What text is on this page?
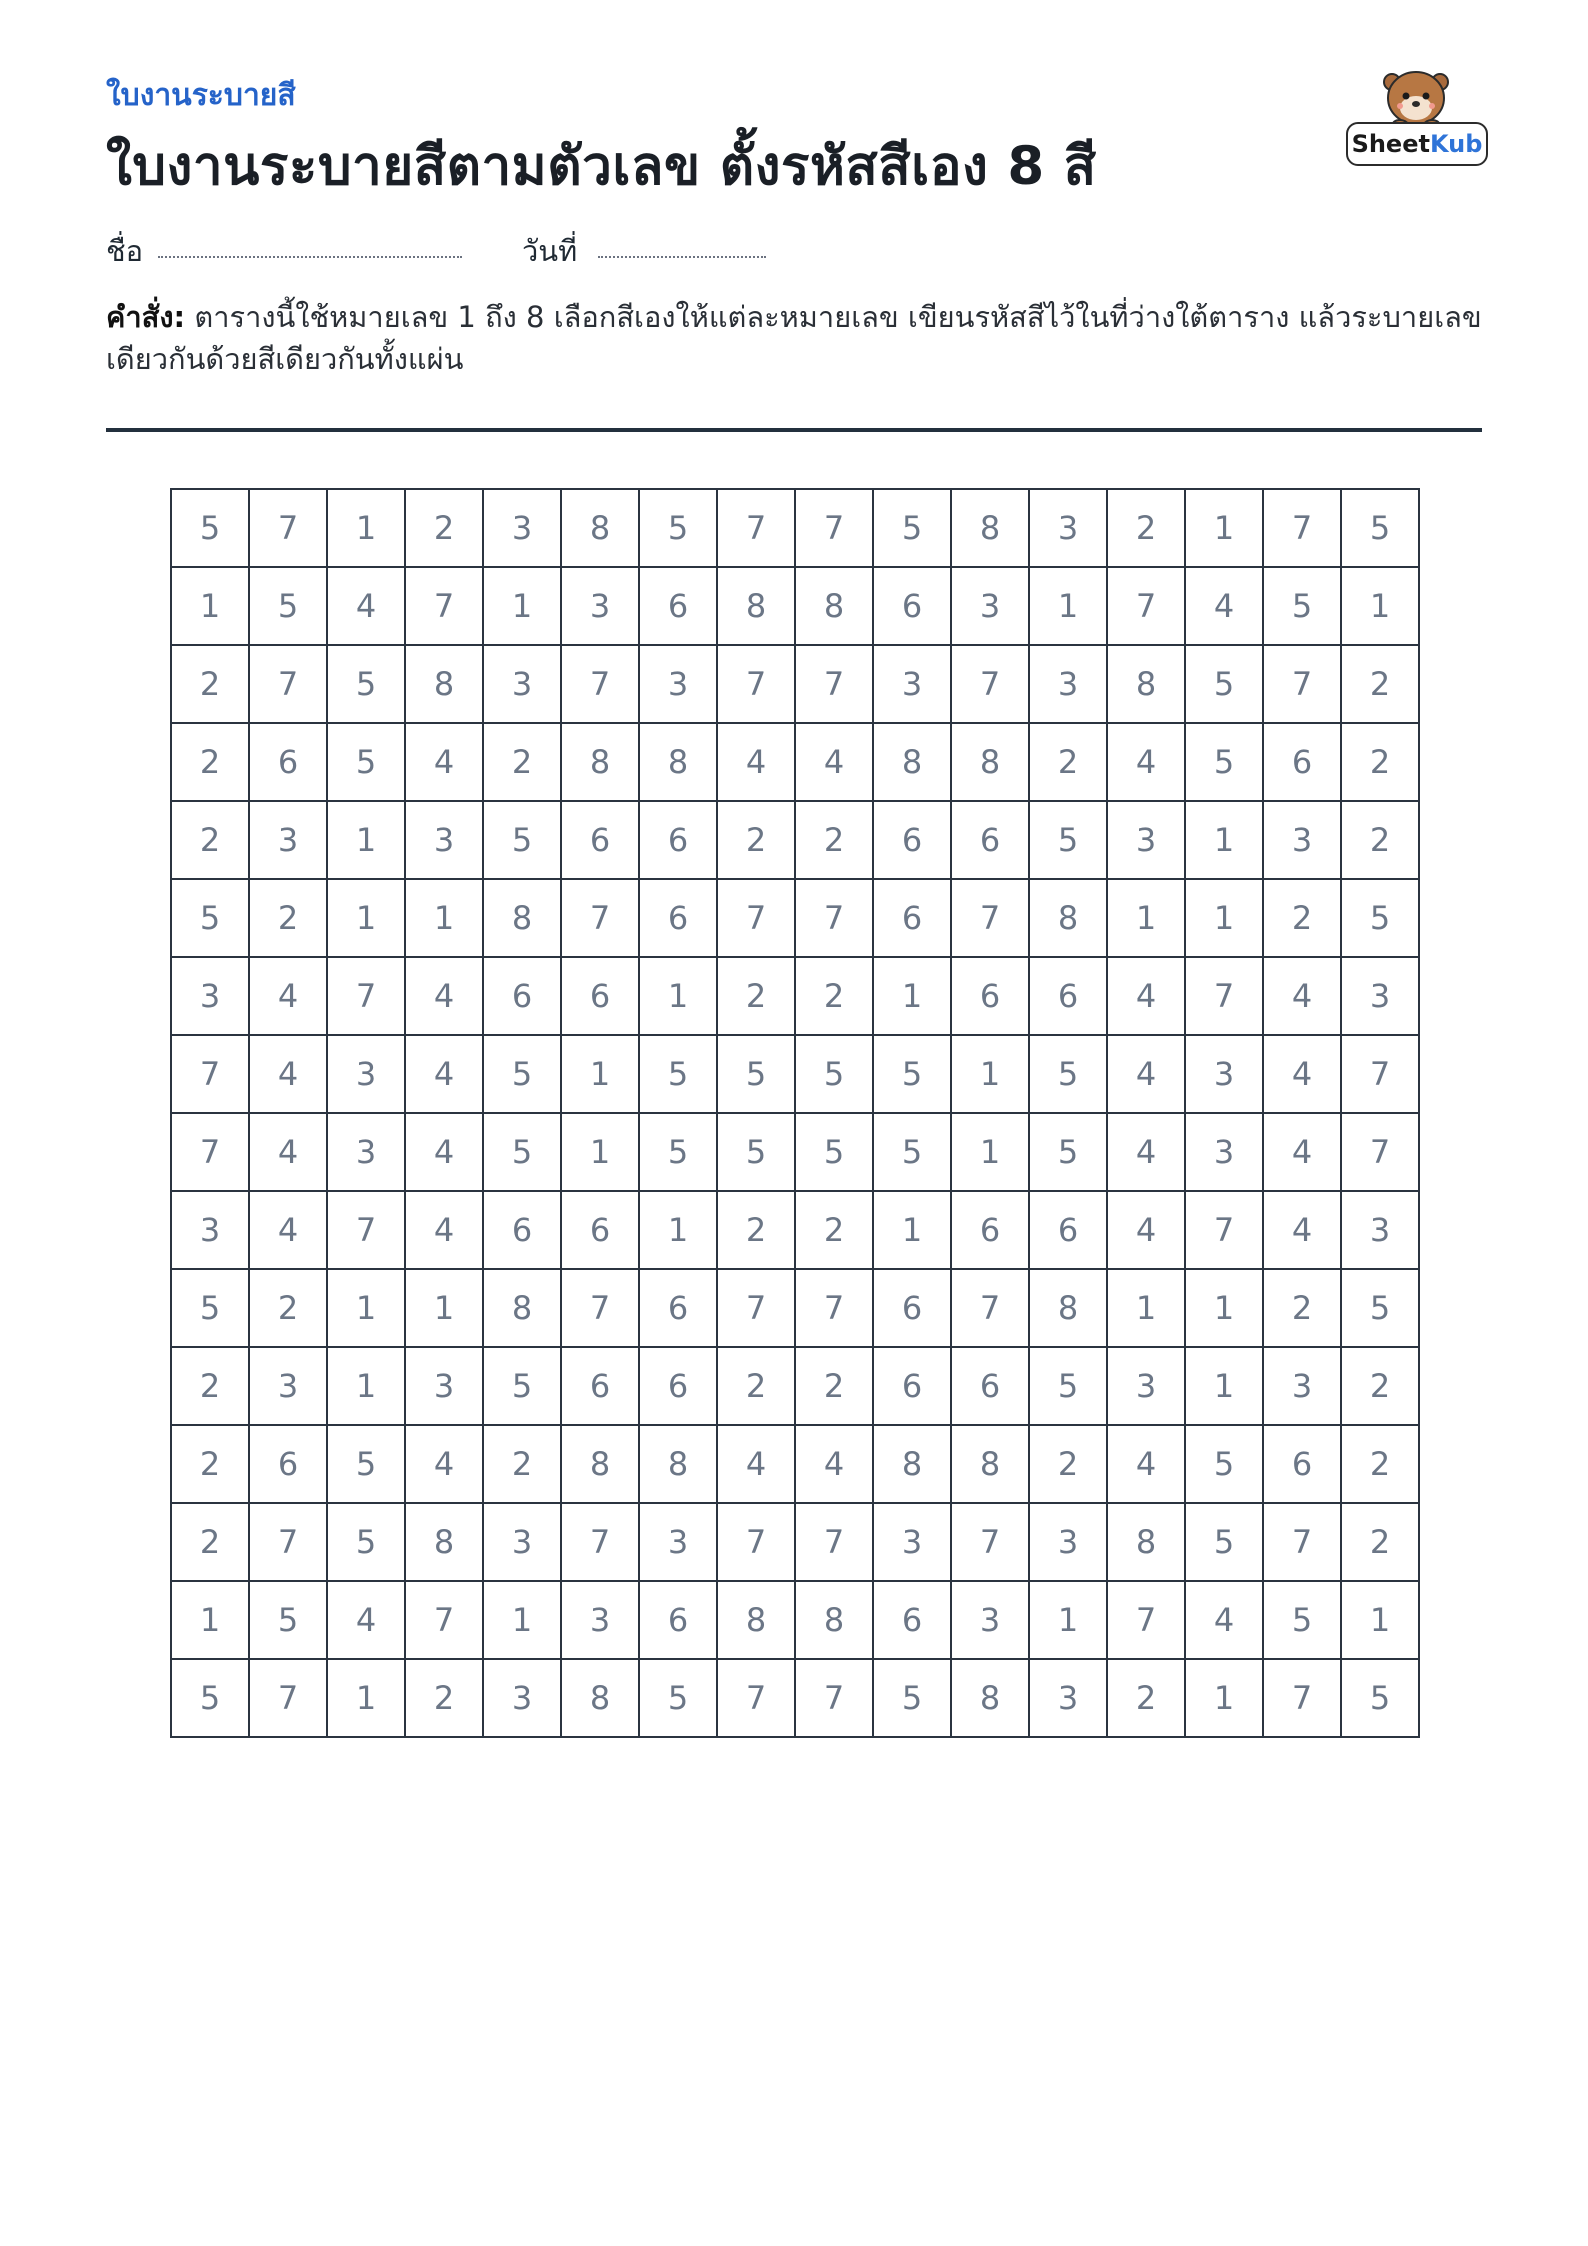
ใบงานระบายสี
ใบงานระบายสีตามตัวเลข ตั้งรหัสสีเอง 8 สี	Sheet Kub
ชื่อ	วันที่
คำสั่ง: ตารางนี้ใช้หมายเลข 1 ถึง 8 เลือกสีเองให้แต่ละหมายเลข เขียนรหัสสีไว้ในที่ว่างใต้ตาราง แล้วระบายเลขเดียวกันด้วยสีเดียวกันทั้งแผ่น
5	7	1	2	3	8	5	7	7	5	8	3	2	1	7	5
1	5	4	7	1	3	6	8	8	6	3	1	7	4	5	1
2	7	5	8	3	7	3	7	7	3	7	3	8	5	7	2
2	6	5	4	2	8	8	4	4	8	8	2	4	5	6	2
2	3	1	3	5	6	6	2	2	6	6	5	3	1	3	2
5	2	1	1	8	7	6	7	7	6	7	8	1	1	2	5
3	4	7	4	6	6	1	2	2	1	6	6	4	7	4	3
7	4	3	4	5	1	5	5	5	5	1	5	4	3	4	7
7	4	3	4	5	1	5	5	5	5	1	5	4	3	4	7
3	4	7	4	6	6	1	2	2	1	6	6	4	7	4	3
5	2	1	1	8	7	6	7	7	6	7	8	1	1	2	5
2	3	1	3	5	6	6	2	2	6	6	5	3	1	3	2
2	6	5	4	2	8	8	4	4	8	8	2	4	5	6	2
2	7	5	8	3	7	3	7	7	3	7	3	8	5	7	2
1	5	4	7	1	3	6	8	8	6	3	1	7	4	5	1
5	7	1	2	3	8	5	7	7	5	8	3	2	1	7	5
